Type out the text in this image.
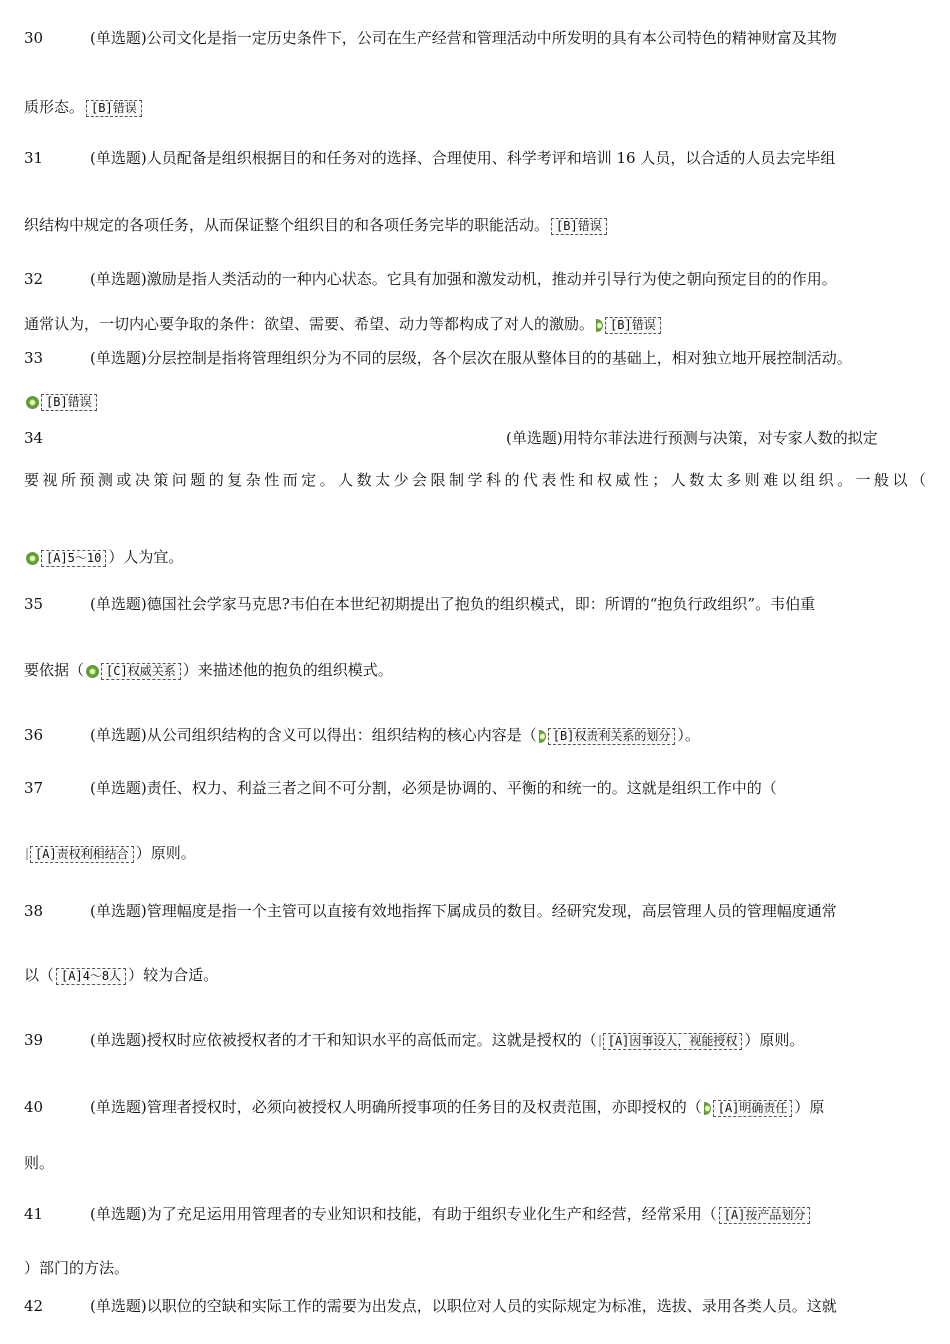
30	(单选题)公司文化是指一定历史条件下，公司在生产经营和管理活动中所发明的具有本公司特色的精神财富及其物
质形态。 [B]错误
31	(单选题)人员配备是组织根据目的和任务对的选择、合理使用、科学考评和培训 16 人员，以合适的人员去完毕组
织结构中规定的各项任务，从而保证整个组织目的和各项任务完毕的职能活动。 [B]错误
32	(单选题)激励是指人类活动的一种内心状态。它具有加强和激发动机，推动并引导行为使之朝向预定目的的作用。
通常认为，一切内心要争取的条件：欲望、需要、希望、动力等都构成了对人的激励。	[B]错误
33	(单选题)分层控制是指将管理组织分为不同的层级，各个层次在服从整体目的的基础上，相对独立地开展控制活动。
[B]错误
34	(单选题)用特尔菲法进行预测与决策，对专家人数的拟定
要视所预测或决策问题的复杂性而定。人数太少会限制学科的代表性和权威性；人数太多则难以组织。一般以（
[A]5～10 ）人为宜。
35	(单选题)德国社会学家马克思?韦伯在本世纪初期提出了抱负的组织模式，即：所谓的“抱负行政组织”。韦伯重
要依据（	[C]权威关系 ）来描述他的抱负的组织模式。
36	(单选题)从公司组织结构的含义可以得出：组织结构的核心内容是（	[B]权责利关系的划分 ）。
37	(单选题)责任、权力、利益三者之间不可分割，必须是协调的、平衡的和统一的。这就是组织工作中的（
[A]责权利相结合 ）原则。
38	(单选题)管理幅度是指一个主管可以直接有效地指挥下属成员的数目。经研究发现，高层管理人员的管理幅度通常
以（ [A]4～8人 ）较为合适。
39	(单选题)授权时应依被授权者的才干和知识水平的高低而定。这就是授权的（ [A]因事设人，视能授权 ）原则。
40	(单选题)管理者授权时，必须向被授权人明确所授事项的任务目的及权责范围，亦即授权的（	[A]明确责任 ）原
则。
41	(单选题)为了充足运用用管理者的专业知识和技能，有助于组织专业化生产和经营，经常采用（ [A]按产品划分
）部门的方法。
42	(单选题)以职位的空缺和实际工作的需要为出发点，以职位对人员的实际规定为标准，选拔、录用各类人员。这就
